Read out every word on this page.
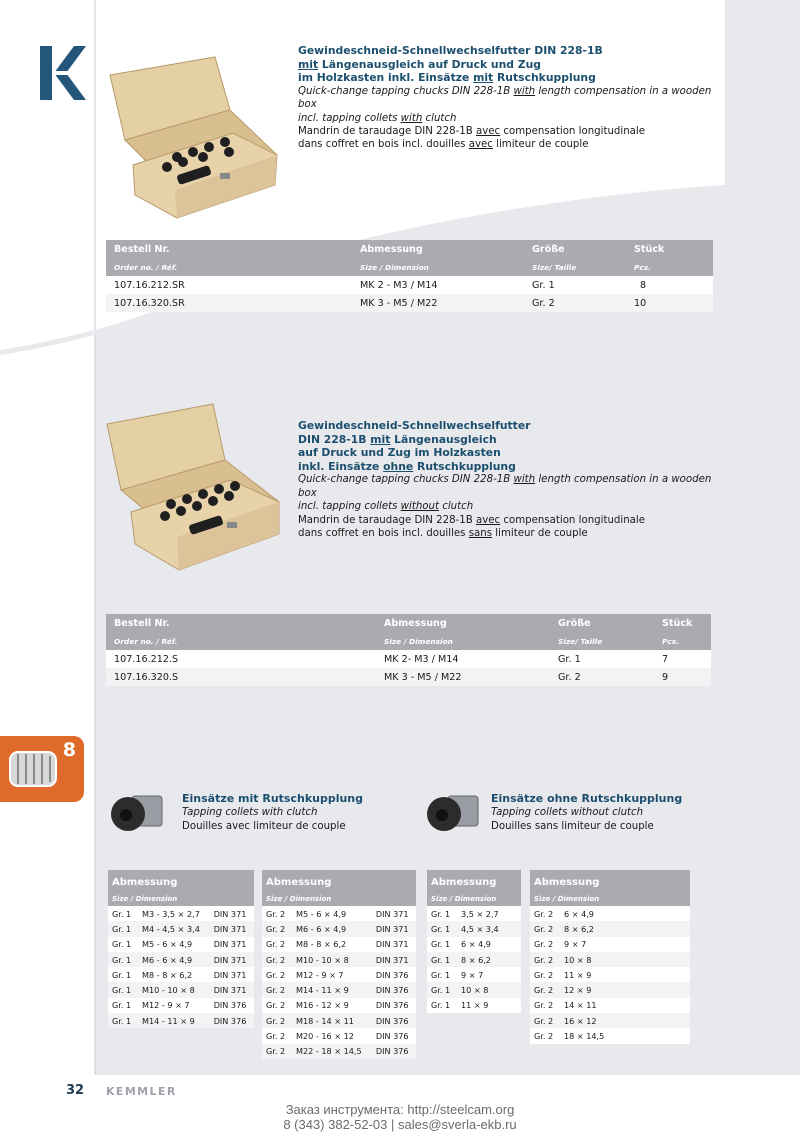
Gewindeschneid-Schnellwechselfutter DIN 228-1B
mit Längenausgleich auf Druck und Zug
im Holzkasten inkl. Einsätze mit Rutschkupplung
Quick-change tapping chucks DIN 228-1B with length compensation in a wooden box
incl. tapping collets with clutch
Mandrin de taraudage DIN 228-1B avec compensation longitudinale
dans coffret en bois incl. douilles avec limiteur de couple
Bestell Nr.	Abmessung	Größe	Stück
Order no. / Réf.	Size / Dimension	Size/ Taille	Pcs.
107.16.212.SR	MK 2 - M3 / M14	Gr. 1	8
107.16.320.SR	MK 3 - M5 / M22	Gr. 2	10
Gewindeschneid-Schnellwechselfutter
DIN 228-1B mit Längenausgleich
auf Druck und Zug im Holzkasten
inkl. Einsätze ohne Rutschkupplung
Quick-change tapping chucks DIN 228-1B with length compensation in a wooden box
incl. tapping collets without clutch
Mandrin de taraudage DIN 228-1B avec compensation longitudinale
dans coffret en bois incl. douilles sans limiteur de couple
Bestell Nr.	Abmessung	Größe	Stück
Order no. / Réf.	Size / Dimension	Size/ Taille	Pcs.
107.16.212.S	MK 2- M3 / M14	Gr. 1	7
107.16.320.S	MK 3 - M5 / M22	Gr. 2	9
8
Einsätze mit Rutschkupplung
Tapping collets with clutch
Douilles avec limiteur de couple
Einsätze ohne Rutschkupplung
Tapping collets without clutch
Douilles sans limiteur de couple
Abmessung		
Size / Dimension		
Gr. 1	M3 - 3,5 × 2,7	DIN 371
Gr. 1	M4 - 4,5 × 3,4	DIN 371
Gr. 1	M5 - 6 × 4,9	DIN 371
Gr. 1	M6 - 6 × 4,9	DIN 371
Gr. 1	M8 - 8 × 6,2	DIN 371
Gr. 1	M10 - 10 × 8	DIN 371
Gr. 1	M12 - 9 × 7	DIN 376
Gr. 1	M14 - 11 × 9	DIN 376
Abmessung		
Size / Dimension		
Gr. 2	M5 - 6 × 4,9	DIN 371
Gr. 2	M6 - 6 × 4,9	DIN 371
Gr. 2	M8 - 8 × 6,2	DIN 371
Gr. 2	M10 - 10 × 8	DIN 371
Gr. 2	M12 - 9 × 7	DIN 376
Gr. 2	M14 - 11 × 9	DIN 376
Gr. 2	M16 - 12 × 9	DIN 376
Gr. 2	M18 - 14 × 11	DIN 376
Gr. 2	M20 - 16 × 12	DIN 376
Gr. 2	M22 - 18 × 14,5	DIN 376
Abmessung	
Size / Dimension	
Gr. 1	3,5 × 2,7
Gr. 1	4,5 × 3,4
Gr. 1	6 × 4,9
Gr. 1	8 × 6,2
Gr. 1	9 × 7
Gr. 1	10 × 8
Gr. 1	11 × 9
Abmessung	
Size / Dimension	
Gr. 2	6 × 4,9
Gr. 2	8 × 6,2
Gr. 2	9 × 7
Gr. 2	10 × 8
Gr. 2	11 × 9
Gr. 2	12 × 9
Gr. 2	14 × 11
Gr. 2	16 × 12
Gr. 2	18 × 14,5
32 KEMMLER
Заказ инструмента: http://steelcam.org
8 (343) 382-52-03 | sales@sverla-ekb.ru
